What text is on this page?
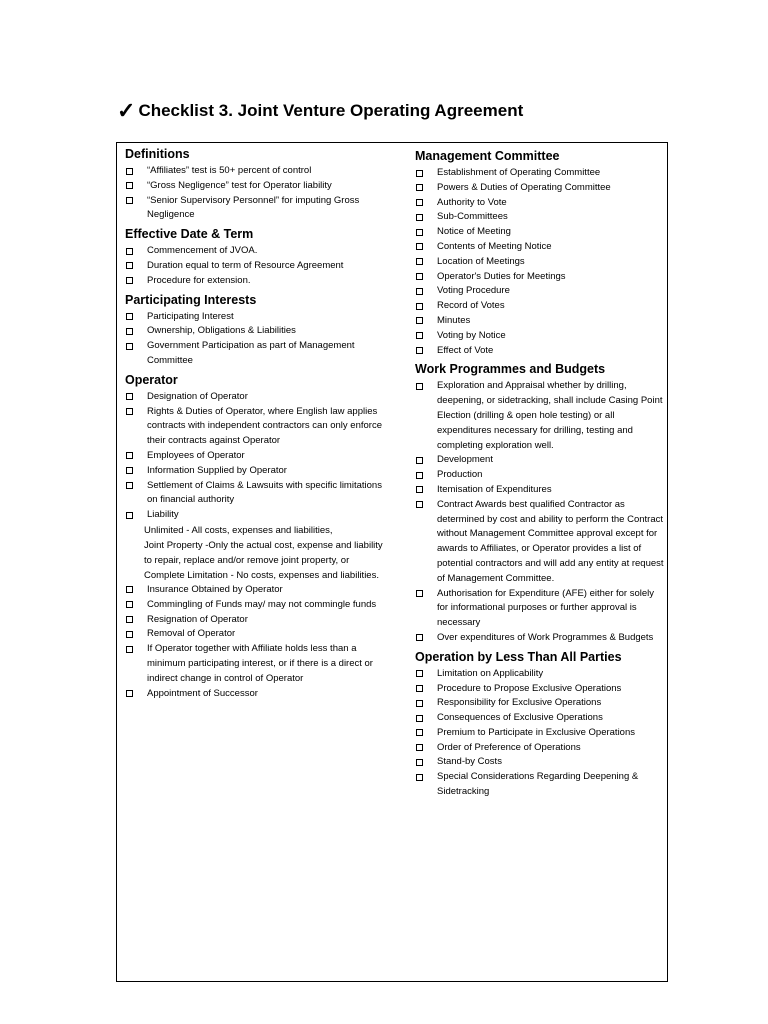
✓ Checklist 3. Joint Venture Operating Agreement
Definitions
“Affiliates” test is 50+ percent of control
“Gross Negligence” test for Operator liability
“Senior Supervisory Personnel” for imputing Gross Negligence
Effective Date & Term
Commencement of JVOA.
Duration equal to term of Resource Agreement
Procedure for extension.
Participating Interests
Participating Interest
Ownership, Obligations & Liabilities
Government Participation as part of Management Committee
Operator
Designation of Operator
Rights & Duties of Operator, where English law applies contracts with independent contractors can only enforce their contracts against Operator
Employees of Operator
Information Supplied by Operator
Settlement of Claims & Lawsuits with specific limitations on financial authority
Liability
Unlimited - All costs, expenses and liabilities,
Joint Property -Only the actual cost, expense and liability to repair, replace and/or remove joint property, or
Complete Limitation - No costs, expenses and liabilities.
Insurance Obtained by Operator
Commingling of Funds may/ may not commingle funds
Resignation of Operator
Removal of Operator
If Operator together with Affiliate holds less than a minimum participating interest, or if there is a direct or indirect change in control of Operator
Appointment of Successor
Management Committee
Establishment of Operating Committee
Powers & Duties of Operating Committee
Authority to Vote
Sub-Committees
Notice of Meeting
Contents of Meeting Notice
Location of Meetings
Operator's Duties for Meetings
Voting Procedure
Record of Votes
Minutes
Voting by Notice
Effect of Vote
Work Programmes and Budgets
Exploration and Appraisal whether by drilling, deepening, or sidetracking, shall include Casing Point Election (drilling & open hole testing) or all expenditures necessary for drilling, testing and completing exploration well.
Development
Production
Itemisation of Expenditures
Contract Awards best qualified Contractor as determined by cost and ability to perform the Contract without Management Committee approval except for awards to Affiliates, or Operator provides a list of potential contractors and will add any entity at request of Management Committee.
Authorisation for Expenditure (AFE) either for solely for informational purposes or further approval is necessary
Over expenditures of Work Programmes & Budgets
Operation by Less Than All Parties
Limitation on Applicability
Procedure to Propose Exclusive Operations
Responsibility for Exclusive Operations
Consequences of Exclusive Operations
Premium to Participate in Exclusive Operations
Order of Preference of Operations
Stand-by Costs
Special Considerations Regarding Deepening & Sidetracking
